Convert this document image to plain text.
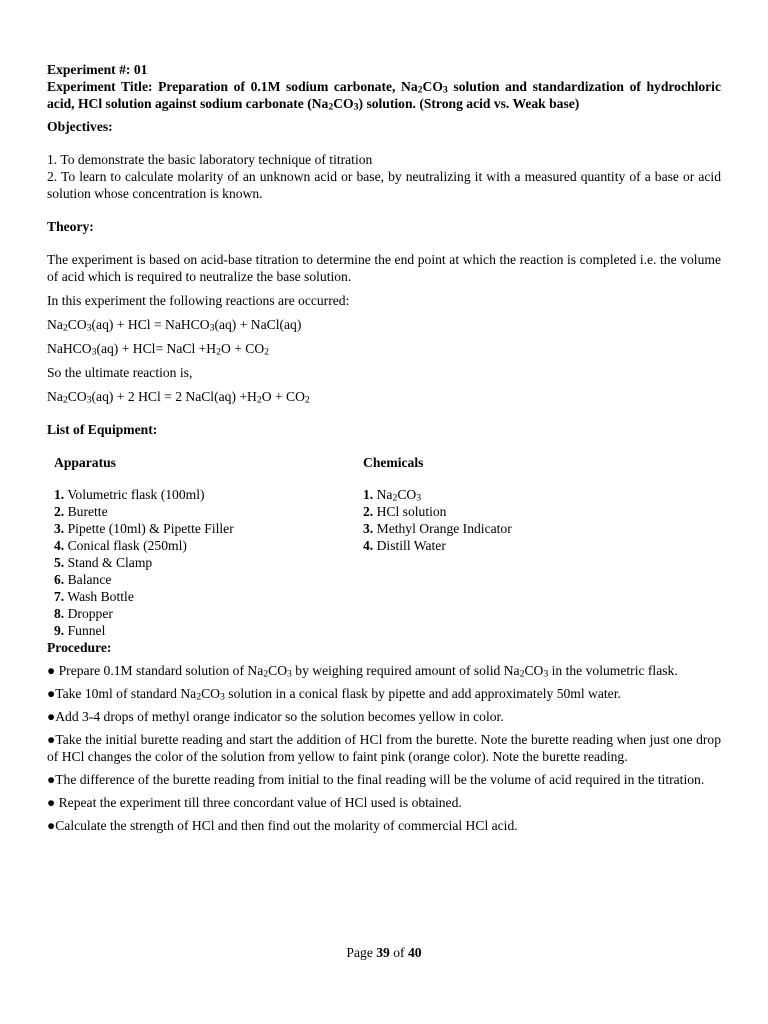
Experiment #: 01

Experiment Title: Preparation of 0.1M sodium carbonate, $Na_2CO_3$ solution and standardization of hydrochloric acid, HCl solution against sodium carbonate $(Na_2CO_3)$ solution. (Strong acid vs. Weak base)

Objectives:

1. To demonstrate the basic laboratory technique of titration

2. To learn to calculate molarity of an unknown acid or base, by neutralizing it with a measured quantity of a base or acid solution whose concentration is known.

Theory:

The experiment is based on acid-base titration to determine the end point at which the reaction is completed i.e. the volume of acid which is required to neutralize the base solution.

In this experiment the following reactions are occurred:

$Na_2CO_3(aq)$ + HCl = NaHCO$_3$(aq) + NaCl(aq)

NaHCO$_3$(aq) + HCl= NaCl $+H_2O + CO_2$

So the ultimate reaction is,

$Na_2CO_3(aq) + 2$ HCl = 2 NaCl(aq) $+H_2O + CO_2$

List of Equipment:

Apparatus
1. Volumetric flask (100ml)
2. Burette
3. Pipette (10ml) & Pipette Filler
4. Conical flask (250ml)
5. Stand & Clamp
6. Balance
7. Wash Bottle
8. Dropper
9. Funnel
Chemicals
1. $Na_2CO_3$
2. HCl solution
3. Methyl Orange Indicator
4. Distill Water

Procedure:

● Prepare 0.1M standard solution of $Na_2CO_3$ by weighing required amount of solid $Na_2CO_3$ in the volumetric flask.

●Take 10ml of standard $Na_2CO_3$ solution in a conical flask by pipette and add approximately 50ml water.

●Add 3-4 drops of methyl orange indicator so the solution becomes yellow in color.

●Take the initial burette reading and start the addition of HCl from the burette. Note the burette reading when just one drop of HCl changes the color of the solution from yellow to faint pink (orange color). Note the burette reading.

●The difference of the burette reading from initial to the final reading will be the volume of acid required in the titration.

● Repeat the experiment till three concordant value of HCl used is obtained.

●Calculate the strength of HCl and then find out the molarity of commercial HCl acid.

Page 39 of 40
